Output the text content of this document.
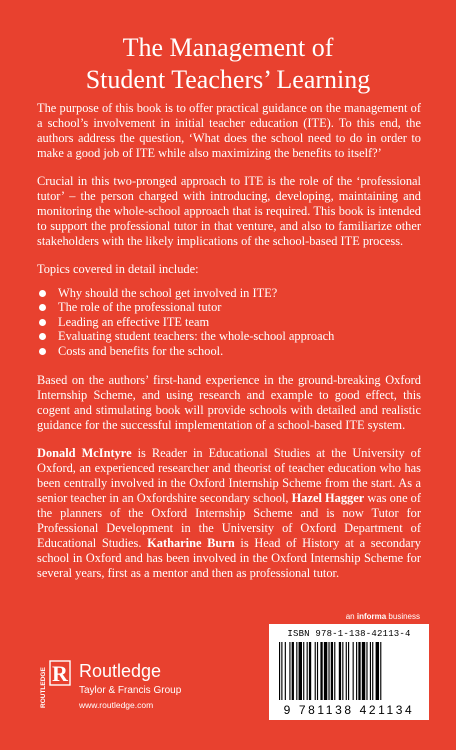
The Management of
Student Teachers’ Learning

The purpose of this book is to offer practical guidance on the management of a school’s involvement in initial teacher education (ITE). To this end, the authors address the question, ‘What does the school need to do in order to make a good job of ITE while also maximizing the benefits to itself?’

Crucial in this two-pronged approach to ITE is the role of the ‘professional tutor’ – the person charged with introducing, developing, maintaining and monitoring the whole-school approach that is required. This book is intended to support the professional tutor in that venture, and also to familiarize other stakeholders with the likely implications of the school-based ITE process.

Topics covered in detail include:

Why should the school get involved in ITE?
The role of the professional tutor
Leading an effective ITE team
Evaluating student teachers: the whole-school approach
Costs and benefits for the school.

Based on the authors’ first-hand experience in the ground-breaking Oxford Internship Scheme, and using research and example to good effect, this cogent and stimulating book will provide schools with detailed and realistic guidance for the successful implementation of a school-based ITE system.

Donald McIntyre is Reader in Educational Studies at the University of Oxford, an experienced researcher and theorist of teacher education who has been centrally involved in the Oxford Internship Scheme from the start. As a senior teacher in an Oxfordshire secondary school, Hazel Hagger was one of the planners of the Oxford Internship Scheme and is now Tutor for Professional Development in the University of Oxford Department of Educational Studies. Katharine Burn is Head of History at a secondary school in Oxford and has been involved in the Oxford Internship Scheme for several years, first as a mentor and then as professional tutor.

an informa business
ISBN 978-1-138-42113-4
9 781138 421134
R
ROUTLEDGE Routledge
Taylor & Francis Group
www.routledge.com
